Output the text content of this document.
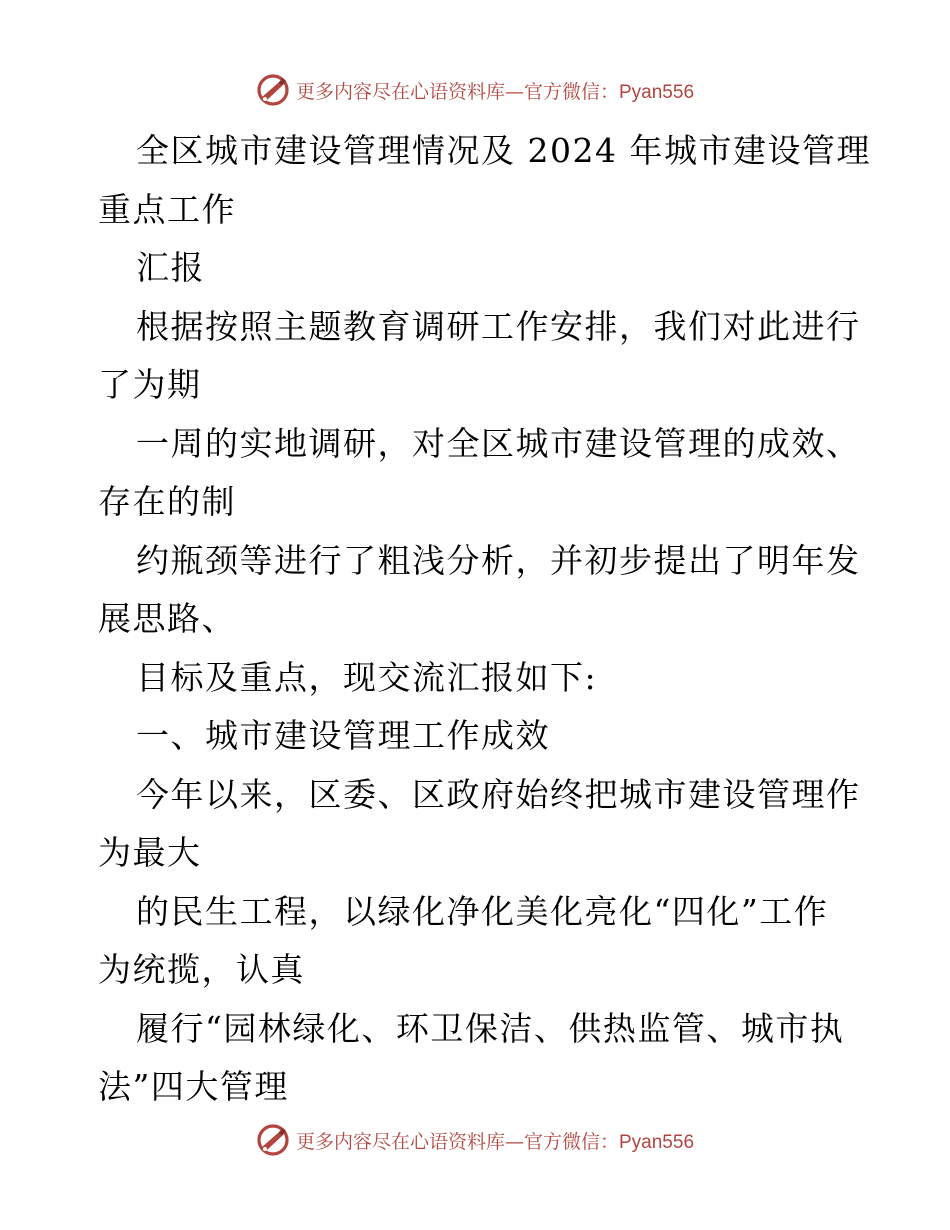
更多内容尽在心语资料库—官方微信：Pyan556
全区城市建设管理情况及 2024 年城市建设管理
重点工作
汇报
根据按照主题教育调研工作安排，我们对此进行
了为期
一周的实地调研，对全区城市建设管理的成效、
存在的制
约瓶颈等进行了粗浅分析，并初步提出了明年发
展思路、
目标及重点，现交流汇报如下:
一、城市建设管理工作成效
今年以来，区委、区政府始终把城市建设管理作
为最大
的民生工程，以绿化净化美化亮化“四化”工作
为统揽，认真
履行“园林绿化、环卫保洁、供热监管、城市执
法”四大管理
更多内容尽在心语资料库—官方微信：Pyan556
